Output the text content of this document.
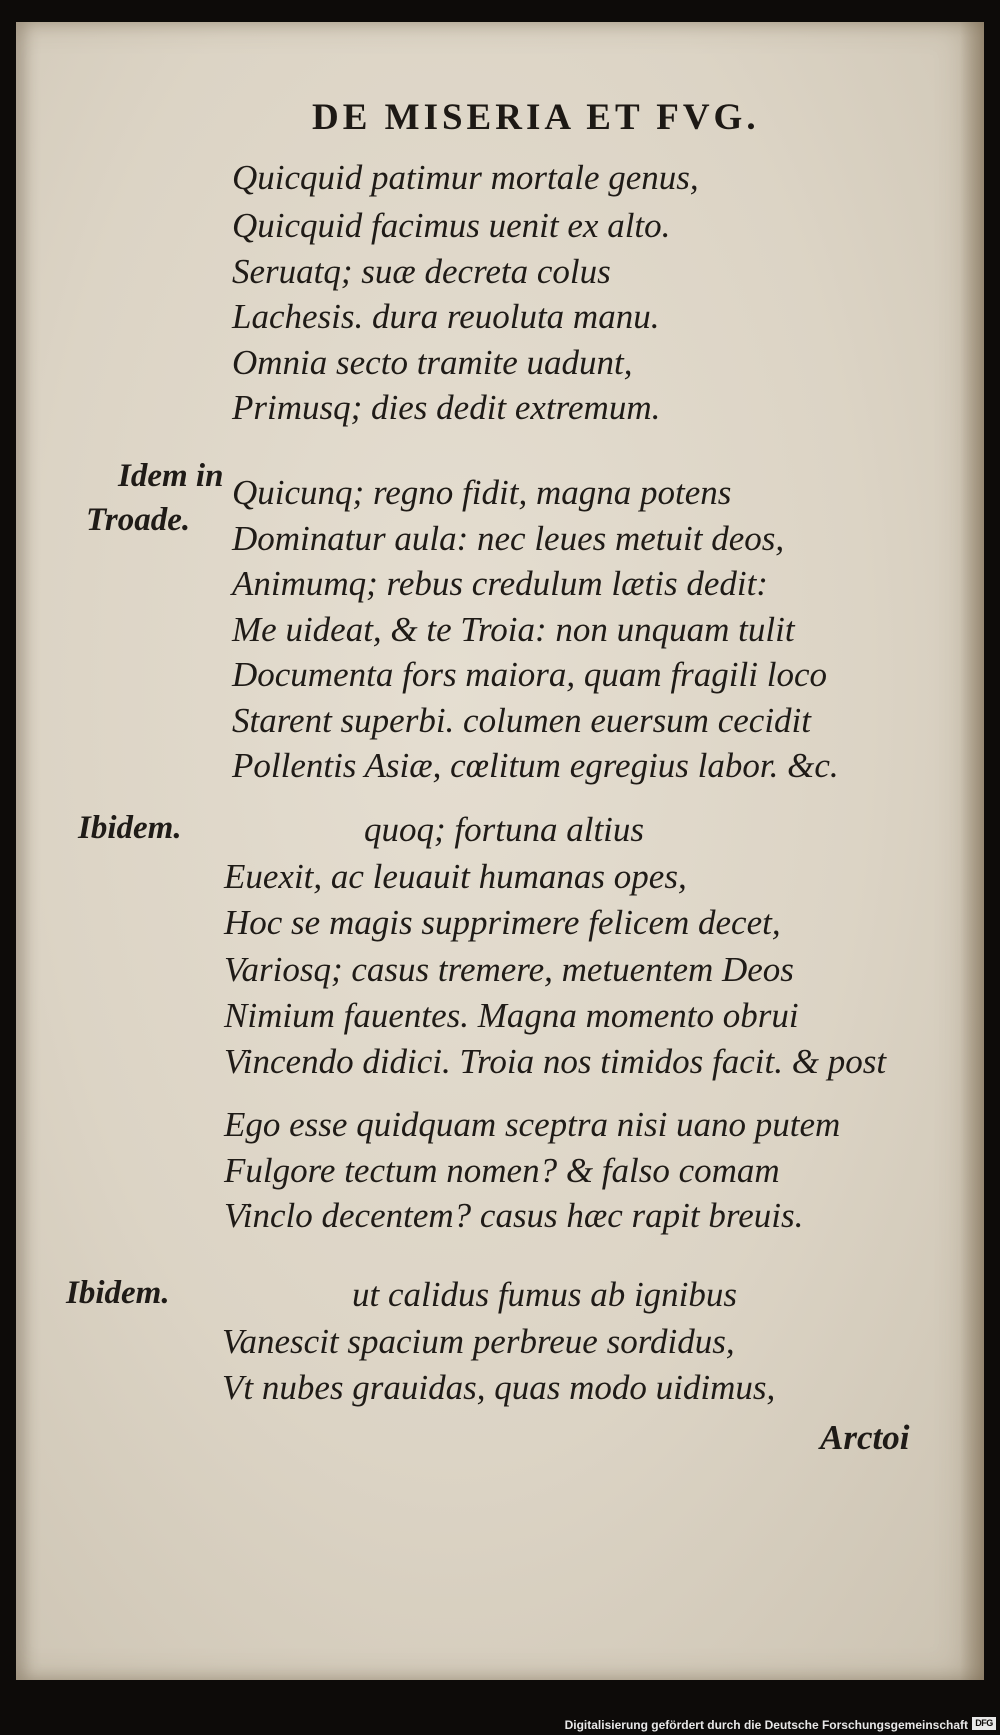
DE MISERIA ET FVG.

Quicquid patimur mortale genus,

Quicquid facimus uenit ex alto.

Seruatq; suæ decreta colus

Lachesis. dura reuoluta manu.

Omnia secto tramite uadunt,

Primusq; dies dedit extremum.

Idem in

Troade.

Quicunq; regno fidit, magna potens

Dominatur aula: nec leues metuit deos,

Animumq; rebus credulum lætis dedit:

Me uideat, & te Troia: non unquam tulit

Documenta fors maiora, quam fragili loco

Starent superbi. columen euersum cecidit

Pollentis Asiæ, cœlitum egregius labor. &c.

Ibidem.	quoq; fortuna altius

Euexit, ac leuauit humanas opes,

Hoc se magis supprimere felicem decet,

Variosq; casus tremere, metuentem Deos

Nimium fauentes. Magna momento obrui

Vincendo didici. Troia nos timidos facit. & post

Ego esse quidquam sceptra nisi uano putem

Fulgore tectum nomen? & falso comam

Vinclo decentem? casus hæc rapit breuis.

Ibidem.	ut calidus fumus ab ignibus

Vanescit spacium perbreue sordidus,

Vt nubes grauidas, quas modo uidimus,

Arctoi

Digitalisierung gefördert durch die Deutsche Forschungsgemeinschaft DFG
